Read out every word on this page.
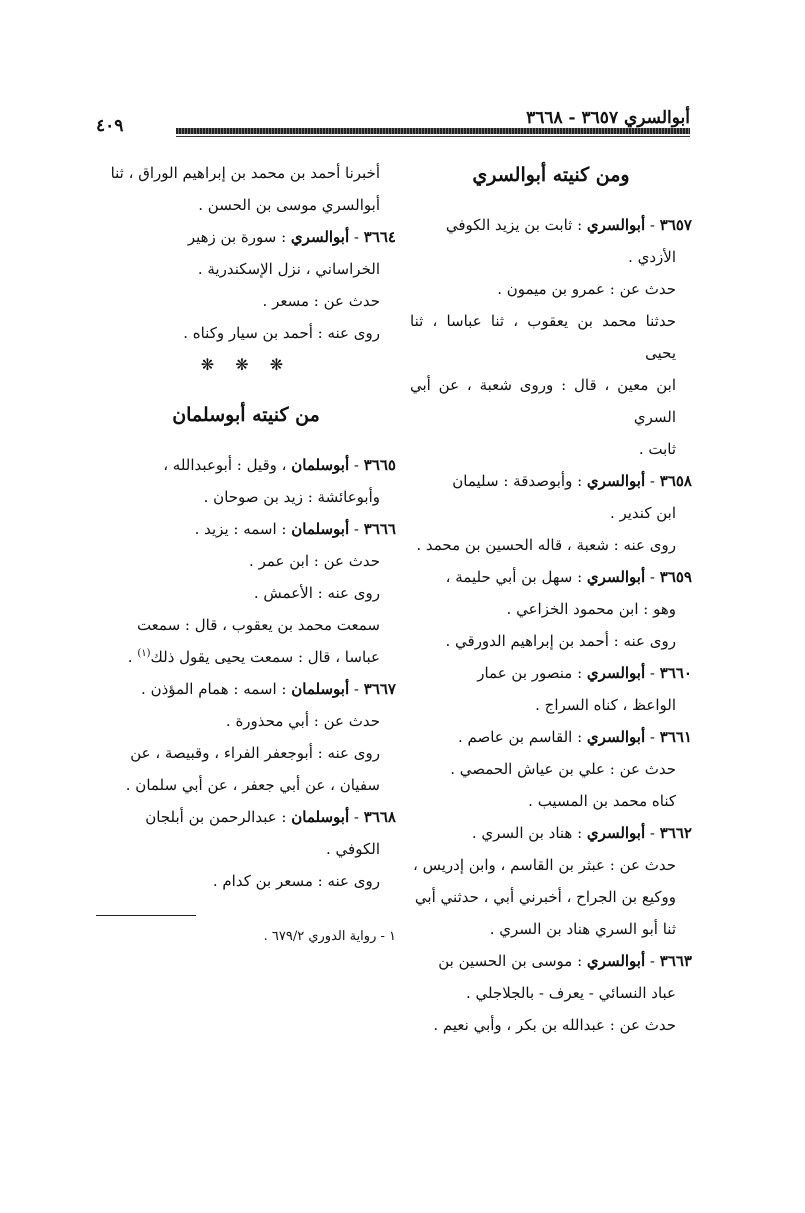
أبوالسري ٣٦٥٧ - ٣٦٦٨
٤٠٩

ومن كنيته أبوالسري

٣٦٥٧ - أبوالسري : ثابت بن يزيد الكوفي

الأزدي .

حدث عن : عمرو بن ميمون .

حدثنا محمد بن يعقوب ، ثنا عباسا ، ثنا يحيى

ابن معين ، قال : وروى شعبة ، عن أبي السري

ثابت .

٣٦٥٨ - أبوالسري : وأبوصدقة : سليمان

ابن كندير .

روى عنه : شعبة ، قاله الحسين بن محمد .

٣٦٥٩ - أبوالسري : سهل بن أبي حليمة ،

وهو : ابن محمود الخزاعي .

روى عنه : أحمد بن إبراهيم الدورقي .

٣٦٦٠ - أبوالسري : منصور بن عمار

الواعظ ، كناه السراج .

٣٦٦١ - أبوالسري : القاسم بن عاصم .

حدث عن : علي بن عياش الحمصي .

كناه محمد بن المسيب .

٣٦٦٢ - أبوالسري : هناد بن السري .

حدث عن : عبثر بن القاسم ، وابن إدريس ،

ووكيع بن الجراح ، أخبرني أبي ، حدثني أبي

ثنا أبو السري هناد بن السري .

٣٦٦٣ - أبوالسري : موسى بن الحسين بن

عباد النسائي - يعرف - بالجلاجلي .

حدث عن : عبدالله بن بكر ، وأبي نعيم .

أخبرنا أحمد بن محمد بن إبراهيم الوراق ، ثنا

أبوالسري موسى بن الحسن .

٣٦٦٤ - أبوالسري : سورة بن زهير

الخراساني ، نزل الإسكندرية .

حدث عن : مسعر .

روى عنه : أحمد بن سيار وكناه .

❋ ❋ ❋

من كنيته أبوسلمان

٣٦٦٥ - أبوسلمان ، وقيل : أبوعبدالله ،

وأبوعائشة : زيد بن صوحان .

٣٦٦٦ - أبوسلمان : اسمه : يزيد .

حدث عن : ابن عمر .

روى عنه : الأعمش .

سمعت محمد بن يعقوب ، قال : سمعت

عباسا ، قال : سمعت يحيى يقول ذلك$^{(١)}$ .

٣٦٦٧ - أبوسلمان : اسمه : همام المؤذن .

حدث عن : أبي محذورة .

روى عنه : أبوجعفر الفراء ، وقبيصة ، عن

سفيان ، عن أبي جعفر ، عن أبي سلمان .

٣٦٦٨ - أبوسلمان : عبدالرحمن بن أبلجان

الكوفي .

روى عنه : مسعر بن كدام .

١ - رواية الدوري ٦٧٩/٢ .
